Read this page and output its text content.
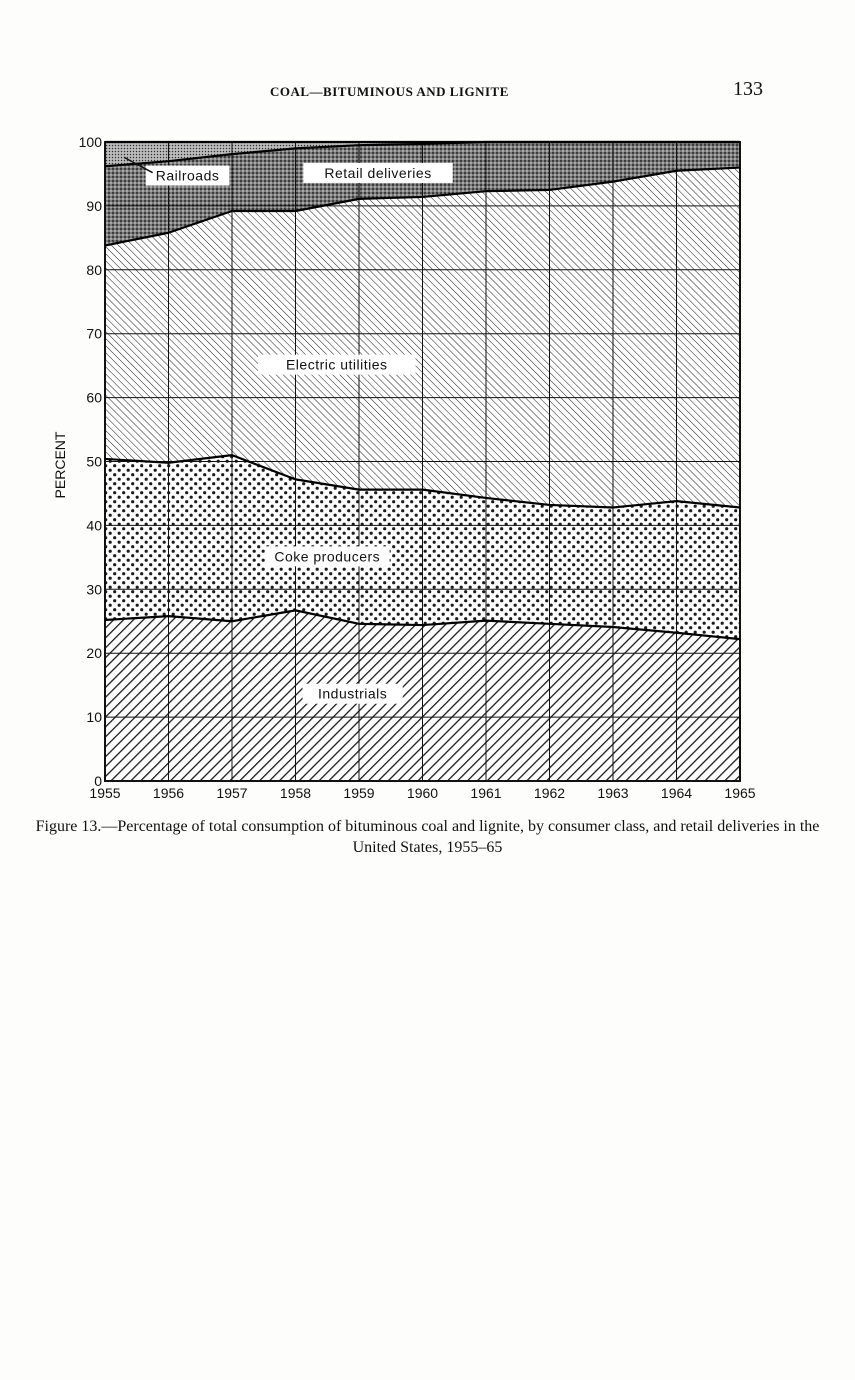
COAL—BITUMINOUS AND LIGNITE	133
0
10
20
30
40
50
60
70
80
90
100
1955 1956 1957 1958 1959 1960 1961 1962 1963 1964 1965
Industrials
Coke producers
Electric utilities
Retail deliveries
Railroads
PERCENT
Figure 13.—Percentage of total consumption of bituminous coal and lignite, by consumer class, and retail deliveries in the United States, 1955–65
